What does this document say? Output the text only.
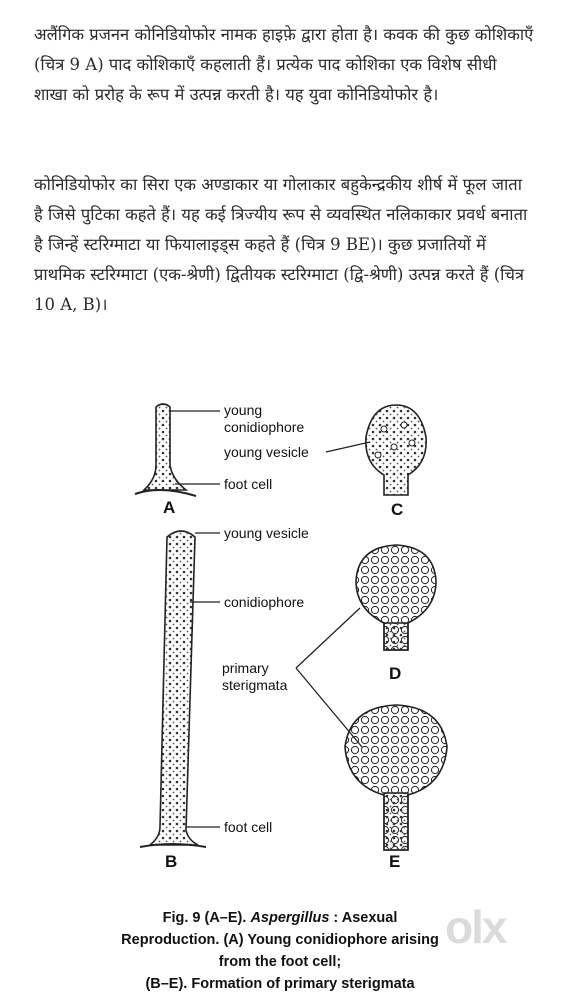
अलैंगिक प्रजनन कोनिडियोफोर नामक हाइफ़े द्वारा होता है। कवक की कुछ कोशिकाएँ (चित्र 9 A) पाद कोशिकाएँ कहलाती हैं। प्रत्येक पाद कोशिका एक विशेष सीधी शाखा को प्ररोह के रूप में उत्पन्न करती है। यह युवा कोनिडियोफोर है।

कोनिडियोफोर का सिरा एक अण्डाकार या गोलाकार बहुकेन्द्रकीय शीर्ष में फूल जाता है जिसे पुटिका कहते हैं। यह कई त्रिज्यीय रूप से व्यवस्थित नलिकाकार प्रवर्ध बनाता है जिन्हें स्टरिग्माटा या फियालाइड्स कहते हैं (चित्र 9 BE)। कुछ प्रजातियों में प्राथमिक स्टरिग्माटा (एक-श्रेणी) द्वितीयक स्टरिग्माटा (द्वि-श्रेणी) उत्पन्न करते हैं (चित्र 10 A, B)।

young
conidiophore
young vesicle
foot cell
young vesicle
conidiophore
primary
sterigmata
foot cell
A	C
D
B	E
Fig. 9 (A–E). Aspergillus : Asexual
Reproduction. (A) Young conidiophore arising
from the foot cell;
(B–E). Formation of primary sterigmata
olx
